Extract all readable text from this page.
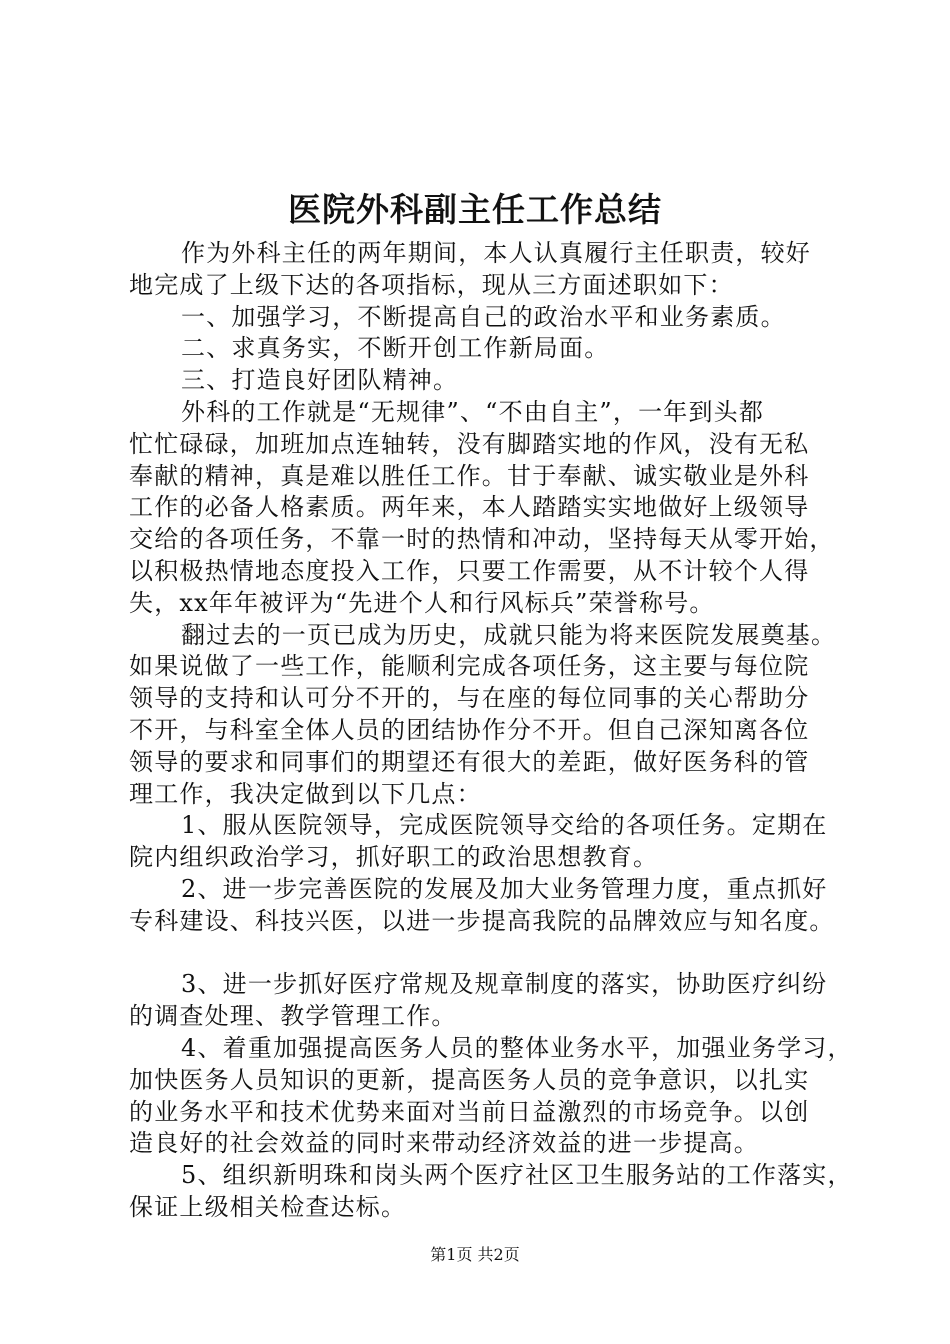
医院外科副主任工作总结
作为外科主任的两年期间，本人认真履行主任职责，较好
地完成了上级下达的各项指标，现从三方面述职如下：
一、加强学习，不断提高自己的政治水平和业务素质。
二、求真务实，不断开创工作新局面。
三、打造良好团队精神。
外科的工作就是“无规律”、“不由自主”，一年到头都
忙忙碌碌，加班加点连轴转，没有脚踏实地的作风，没有无私
奉献的精神，真是难以胜任工作。甘于奉献、诚实敬业是外科
工作的必备人格素质。两年来，本人踏踏实实地做好上级领导
交给的各项任务，不靠一时的热情和冲动，坚持每天从零开始，
以积极热情地态度投入工作，只要工作需要，从不计较个人得
失，xx年年被评为“先进个人和行风标兵”荣誉称号。
翻过去的一页已成为历史，成就只能为将来医院发展奠基。
如果说做了一些工作，能顺利完成各项任务，这主要与每位院
领导的支持和认可分不开的，与在座的每位同事的关心帮助分
不开，与科室全体人员的团结协作分不开。但自己深知离各位
领导的要求和同事们的期望还有很大的差距，做好医务科的管
理工作，我决定做到以下几点：
1、服从医院领导，完成医院领导交给的各项任务。定期在
院内组织政治学习，抓好职工的政治思想教育。
2、进一步完善医院的发展及加大业务管理力度，重点抓好
专科建设、科技兴医，以进一步提高我院的品牌效应与知名度。
3、进一步抓好医疗常规及规章制度的落实，协助医疗纠纷
的调查处理、教学管理工作。
4、着重加强提高医务人员的整体业务水平，加强业务学习，
加快医务人员知识的更新，提高医务人员的竞争意识，以扎实
的业务水平和技术优势来面对当前日益激烈的市场竞争。以创
造良好的社会效益的同时来带动经济效益的进一步提高。
5、组织新明珠和岗头两个医疗社区卫生服务站的工作落实，
保证上级相关检查达标。
第1页 共2页
